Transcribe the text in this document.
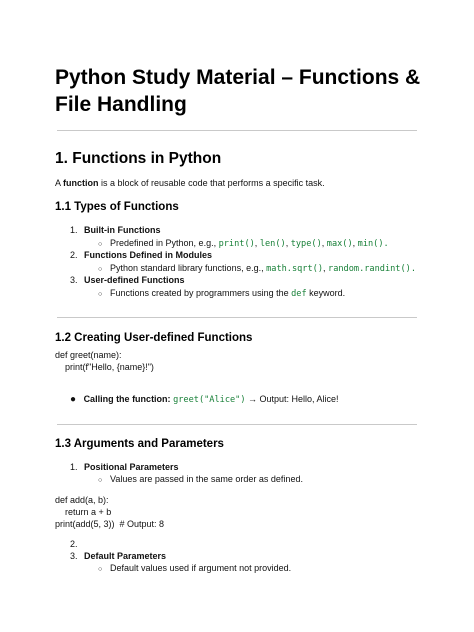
Python Study Material – Functions & File Handling
1. Functions in Python
A function is a block of reusable code that performs a specific task.
1.1 Types of Functions
1. Built-in Functions
○ Predefined in Python, e.g., print(), len(), type(), max(), min().
2. Functions Defined in Modules
○ Python standard library functions, e.g., math.sqrt(), random.randint().
3. User-defined Functions
○ Functions created by programmers using the def keyword.
1.2 Creating User-defined Functions
def greet(name):
print(f"Hello, {name}!")
● Calling the function: greet("Alice") → Output: Hello, Alice!
1.3 Arguments and Parameters
1. Positional Parameters
○ Values are passed in the same order as defined.
def add(a, b):
return a + b
print(add(5, 3))  # Output: 8
2.
3. Default Parameters
○ Default values used if argument not provided.
